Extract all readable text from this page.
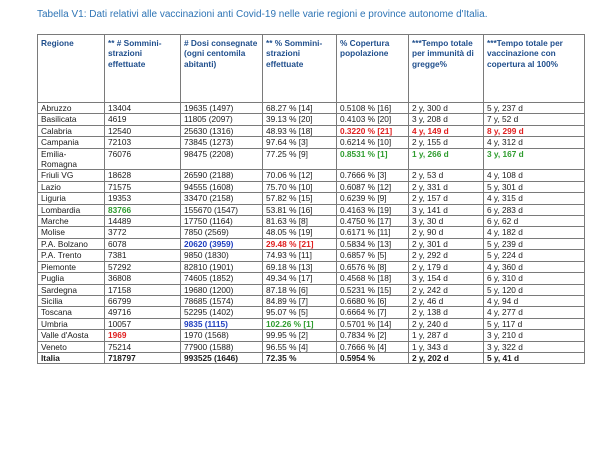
Tabella V1: Dati relativi alle vaccinazioni anti Covid-19 nelle varie regioni e province autonome d'Italia.
Regione	** # Sommini-strazioni effettuate	# Dosi consegnate (ogni centomila abitanti)	** % Sommini-strazioni effettuate	% Copertura popolazione	***Tempo totale per immunità di gregge%	***Tempo totale per vaccinazione con copertura al 100%
Abruzzo	13404	19635 (1497)	68.27 % [14]	0.5108 % [16]	2 y, 300 d	5 y, 237 d
Basilicata	4619	11805 (2097)	39.13 % [20]	0.4103 % [20]	3 y, 208 d	7 y, 52 d
Calabria	12540	25630 (1316)	48.93 % [18]	0.3220 % [21]	4 y, 149 d	8 y, 299 d
Campania	72103	73845 (1273)	97.64 % [3]	0.6214 % [10]	2 y, 155 d	4 y, 312 d
Emilia-Romagna	76076	98475 (2208)	77.25 % [9]	0.8531 % [1]	1 y, 266 d	3 y, 167 d
Friuli VG	18628	26590 (2188)	70.06 % [12]	0.7666 % [3]	2 y, 53 d	4 y, 108 d
Lazio	71575	94555 (1608)	75.70 % [10]	0.6087 % [12]	2 y, 331 d	5 y, 301 d
Liguria	19353	33470 (2158)	57.82 % [15]	0.6239 % [9]	2 y, 157 d	4 y, 315 d
Lombardia	83766	155670 (1547)	53.81 % [16]	0.4163 % [19]	3 y, 141 d	6 y, 283 d
Marche	14489	17750 (1164)	81.63 % [8]	0.4750 % [17]	3 y, 30 d	6 y, 62 d
Molise	3772	7850 (2569)	48.05 % [19]	0.6171 % [11]	2 y, 90 d	4 y, 182 d
P.A. Bolzano	6078	20620 (3959)	29.48 % [21]	0.5834 % [13]	2 y, 301 d	5 y, 239 d
P.A. Trento	7381	9850 (1830)	74.93 % [11]	0.6857 % [5]	2 y, 292 d	5 y, 224 d
Piemonte	57292	82810 (1901)	69.18 % [13]	0.6576 % [8]	2 y, 179 d	4 y, 360 d
Puglia	36808	74605 (1852)	49.34 % [17]	0.4568 % [18]	3 y, 154 d	6 y, 310 d
Sardegna	17158	19680 (1200)	87.18 % [6]	0.5231 % [15]	2 y, 242 d	5 y, 120 d
Sicilia	66799	78685 (1574)	84.89 % [7]	0.6680 % [6]	2 y, 46 d	4 y, 94 d
Toscana	49716	52295 (1402)	95.07 % [5]	0.6664 % [7]	2 y, 138 d	4 y, 277 d
Umbria	10057	9835 (1115)	102.26 % [1]	0.5701 % [14]	2 y, 240 d	5 y, 117 d
Valle d'Aosta	1969	1970 (1568)	99.95 % [2]	0.7834 % [2]	1 y, 287 d	3 y, 210 d
Veneto	75214	77900 (1588)	96.55 % [4]	0.7666 % [4]	1 y, 343 d	3 y, 322 d
Italia	718797	993525 (1646)	72.35 %	0.5954 %	2 y, 202 d	5 y, 41 d
